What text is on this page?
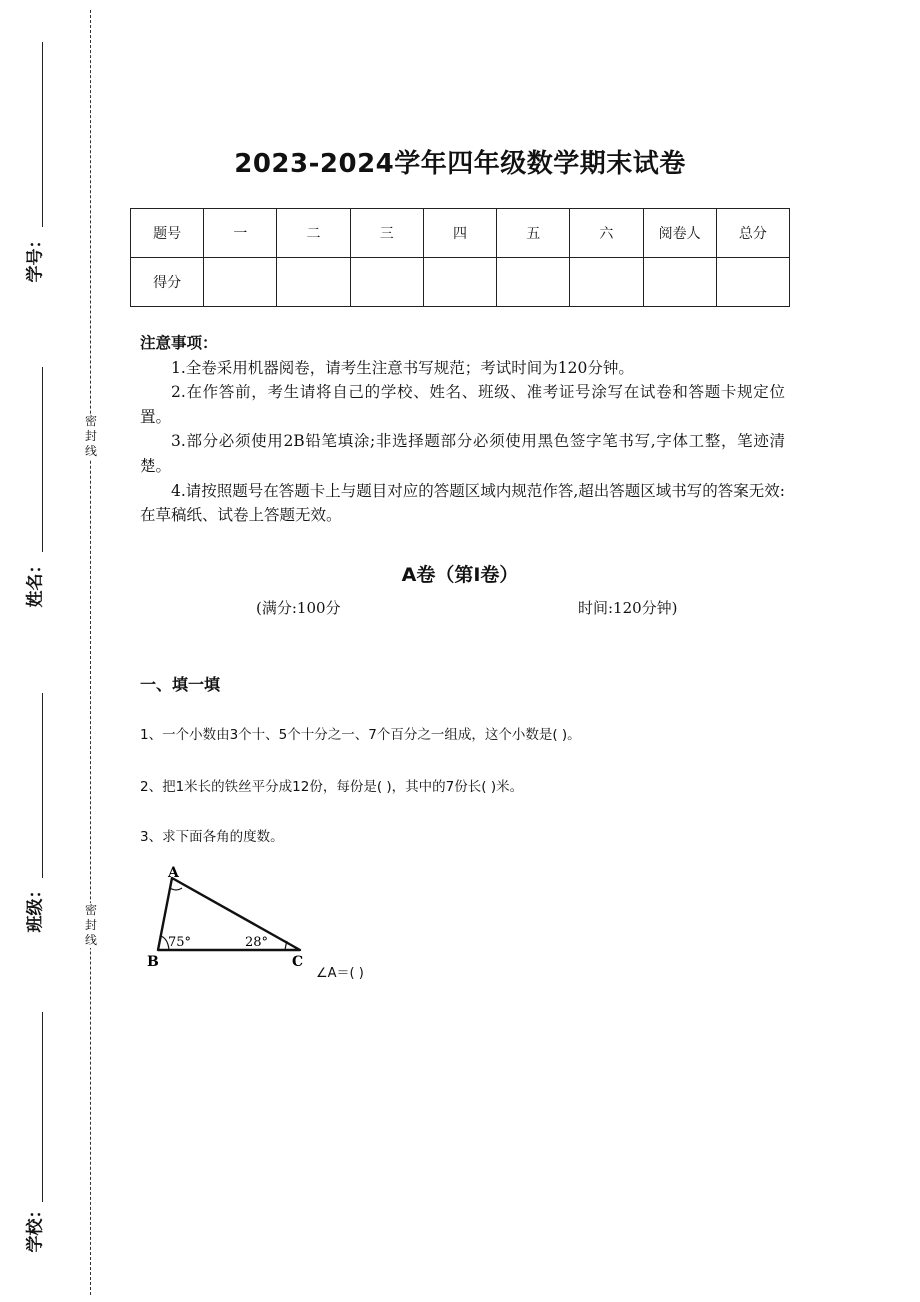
学号：
姓名：
班级：
学校：
密封线
密封线
2023-2024学年四年级数学期末试卷
题号	一	二	三	四	五	六	阅卷人	总分
得分								
注意事项：

1.全卷采用机器阅卷，请考生注意书写规范；考试时间为120分钟。

2.在作答前，考生请将自己的学校、姓名、班级、准考证号涂写在试卷和答题卡规定位置。

3.部分必须使用2B铅笔填涂;非选择题部分必须使用黑色签字笔书写,字体工整，笔迹清楚。

4.请按照题号在答题卡上与题目对应的答题区域内规范作答,超出答题区域书写的答案无效:在草稿纸、试卷上答题无效。

A卷（第I卷）
(满分:100分	时间:120分钟)
一、填一填
1、一个小数由3个十、5个十分之一、7个百分之一组成，这个小数是( )。
2、把1米长的铁丝平分成12份，每份是( )，其中的7份长( )米。
3、求下面各角的度数。
A
B	C
75°	28°
∠A＝( )
